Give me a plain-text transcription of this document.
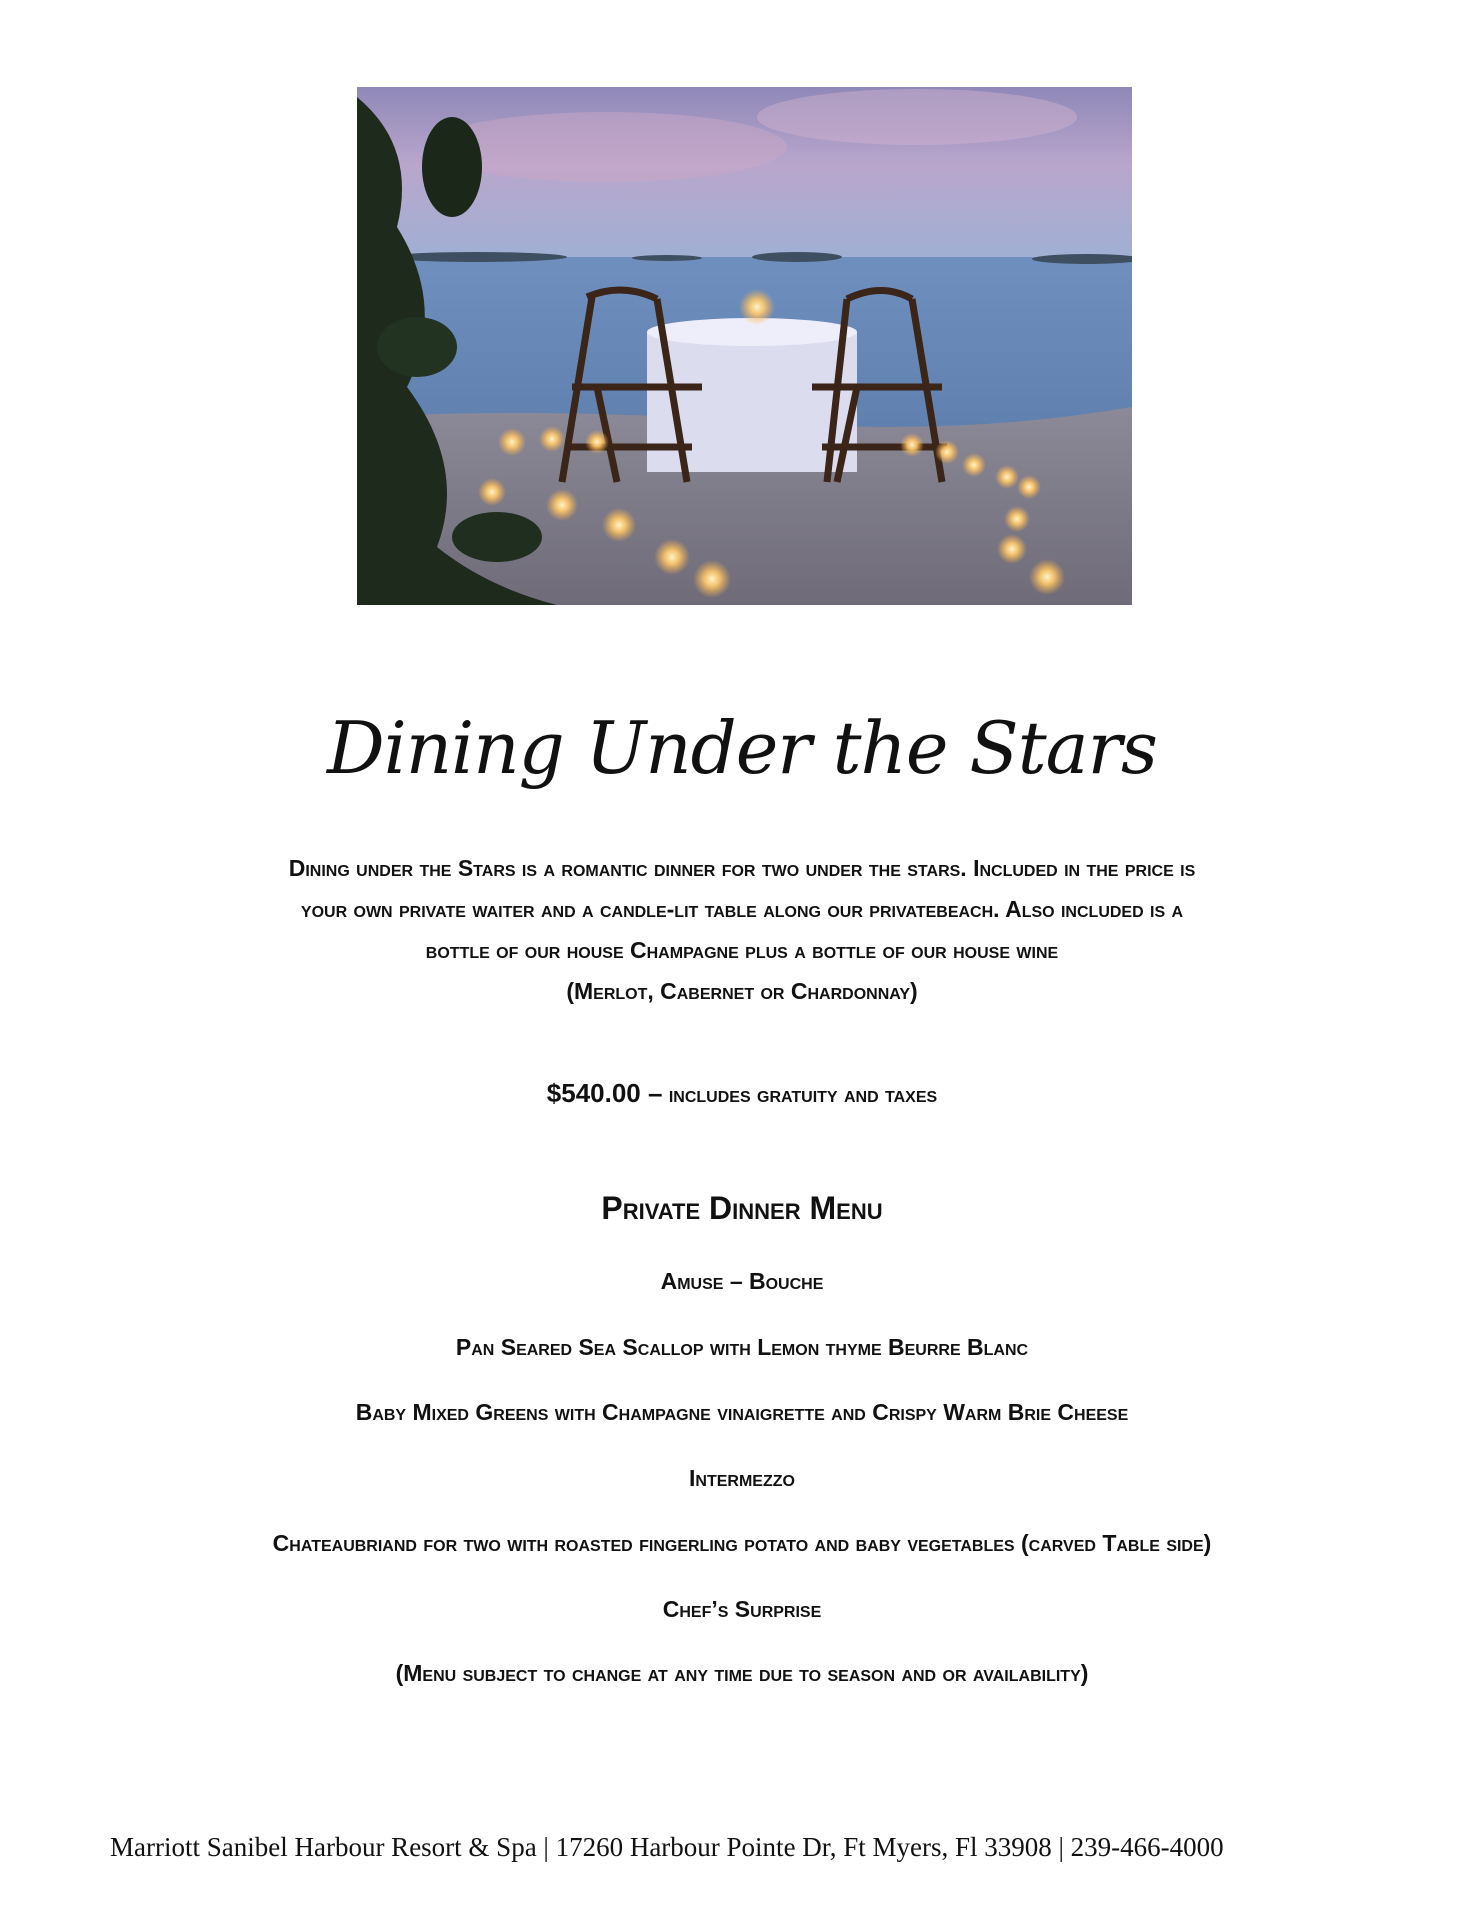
Dining Under the Stars

Dining under the Stars is a romantic dinner for two under the stars. Included in the price is

your own private waiter and a candle-lit table along our privatebeach. Also included is a

bottle of our house Champagne plus a bottle of our house wine

(Merlot, Cabernet or Chardonnay)

$540.00 – includes gratuity and taxes
Private Dinner Menu
Amuse – Bouche
Pan Seared Sea Scallop with Lemon thyme Beurre Blanc
Baby Mixed Greens with Champagne vinaigrette and Crispy Warm Brie Cheese
Intermezzo
Chateaubriand for two with roasted fingerling potato and baby vegetables (carved Table side)
Chef’s Surprise
(Menu subject to change at any time due to season and or availability)
Marriott Sanibel Harbour Resort & Spa | 17260 Harbour Pointe Dr, Ft Myers, Fl 33908 | 239-466-4000
